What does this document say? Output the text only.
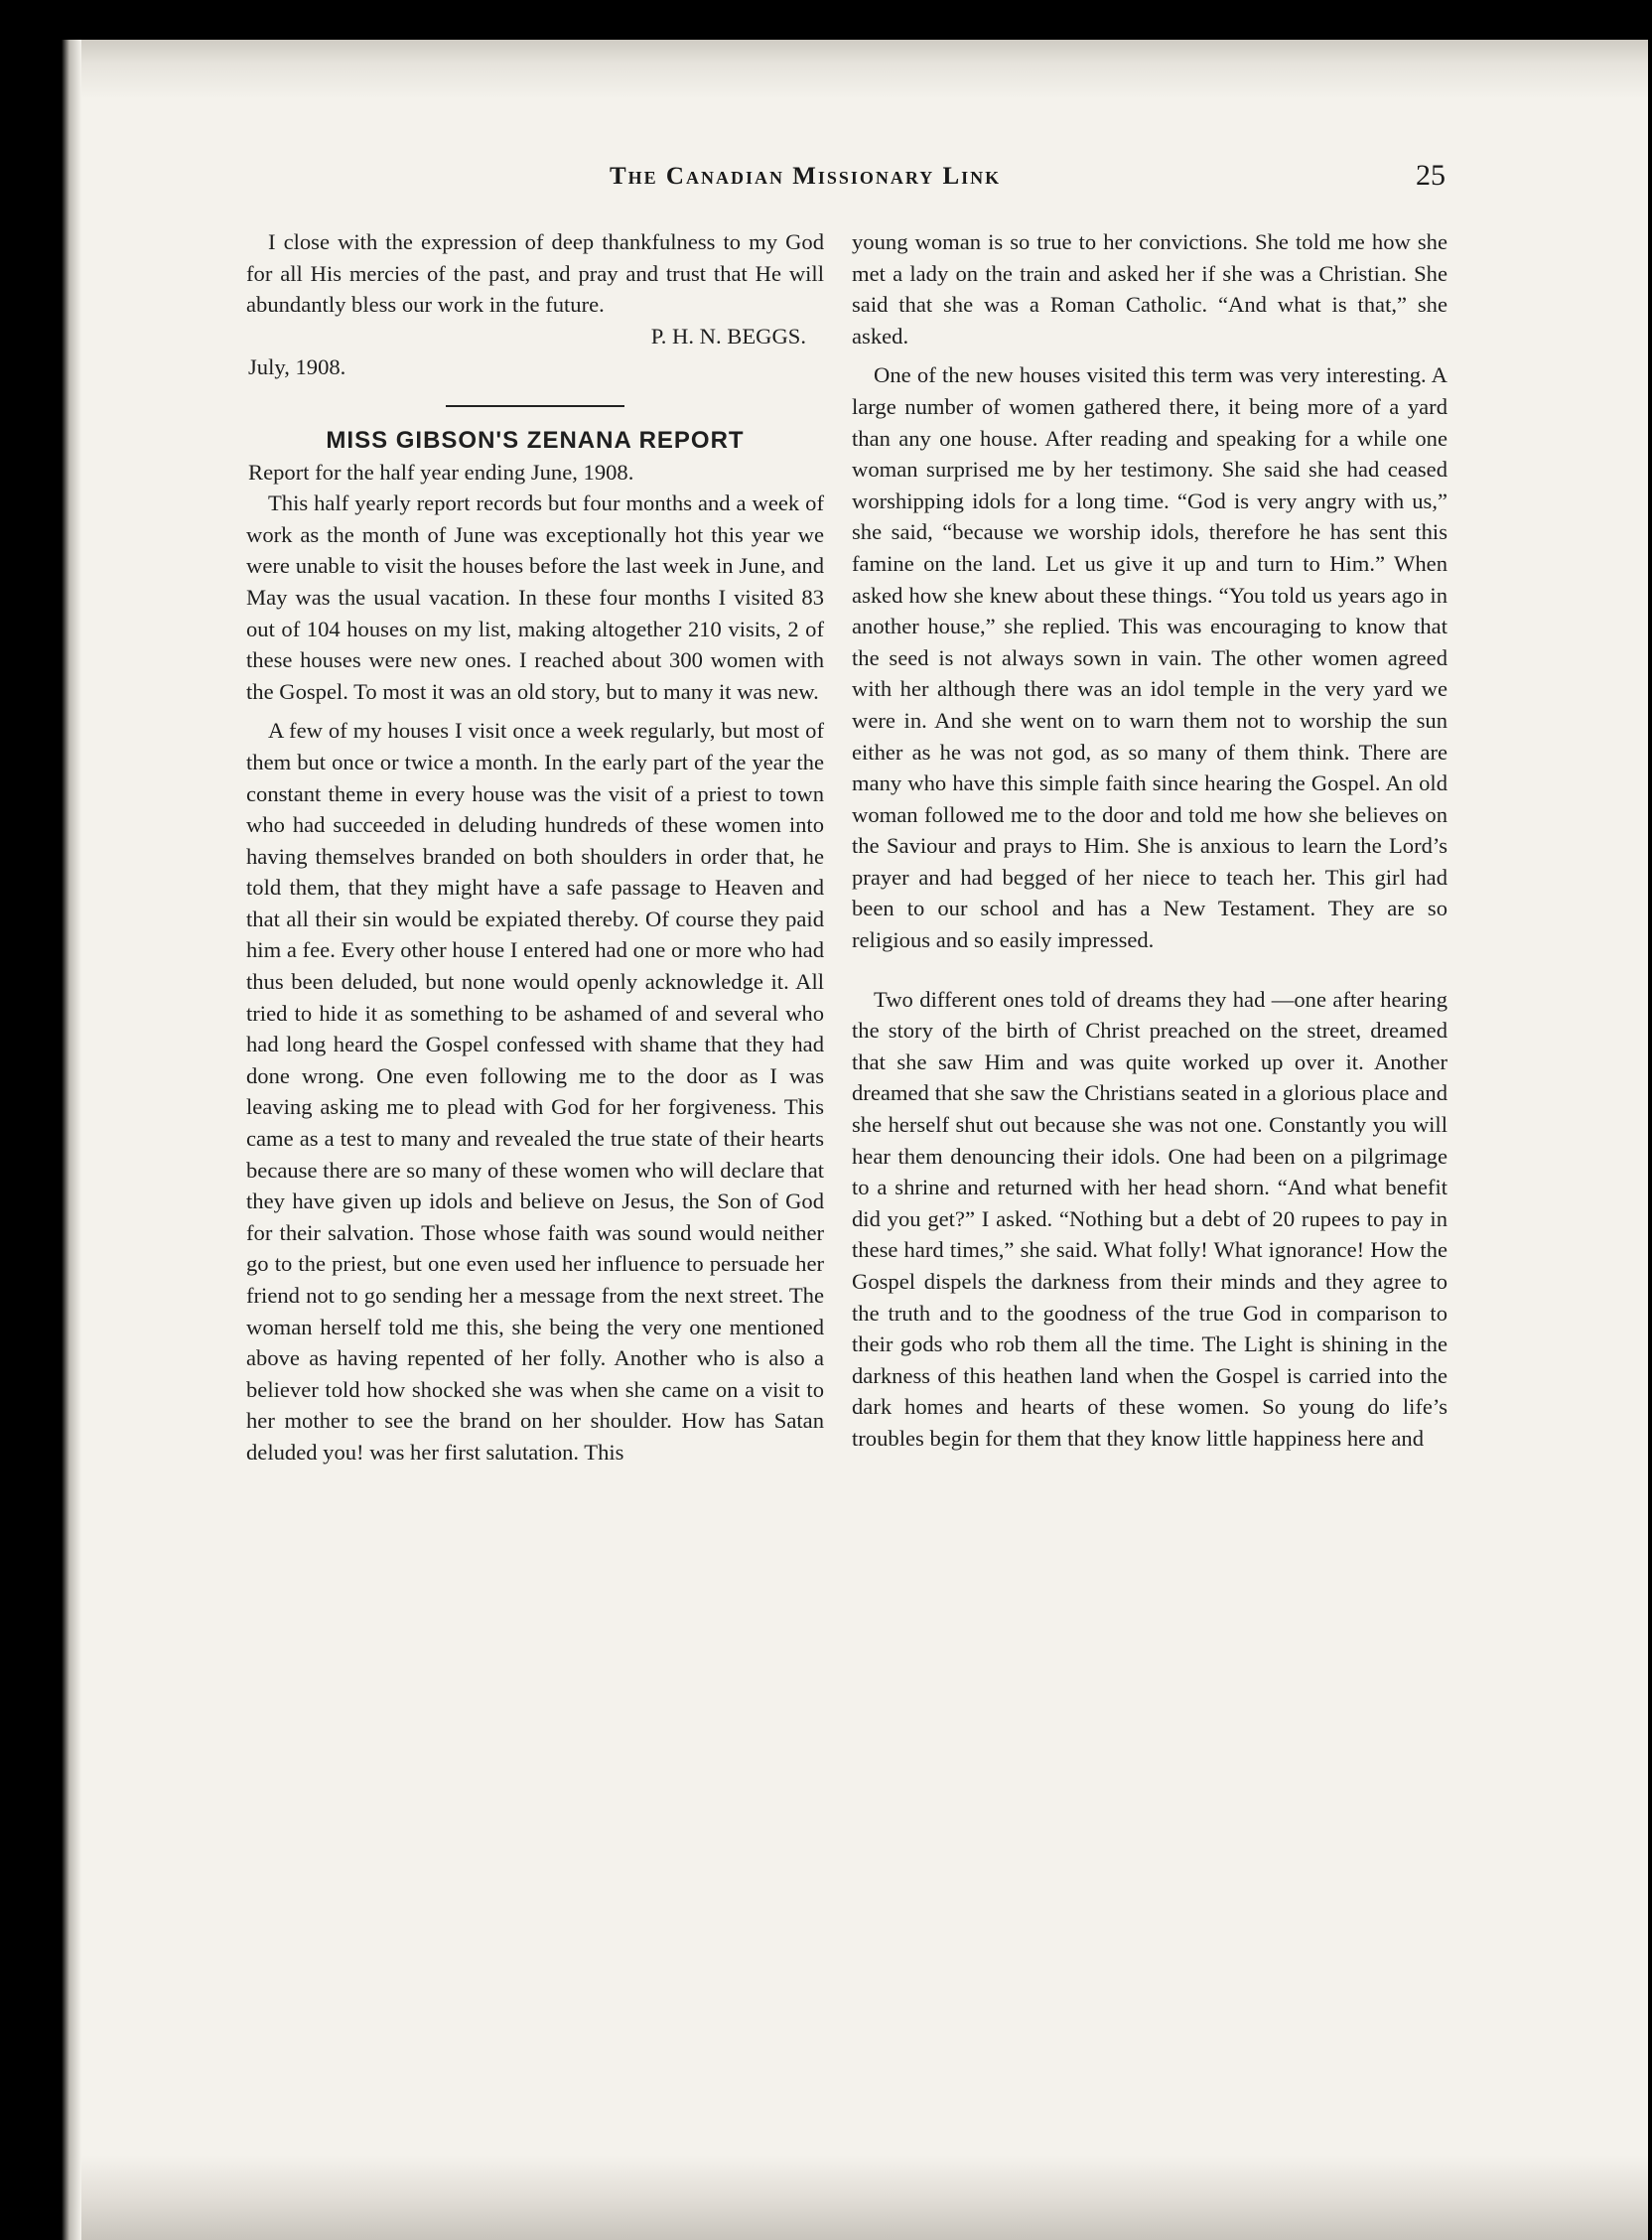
The Canadian Missionary Link	25

I close with the expression of deep thankfulness to my God for all His mercies of the past, and pray and trust that He will abundantly bless our work in the future.

P. H. N. BEGGS.

July, 1908.

MISS GIBSON'S ZENANA REPORT

Report for the half year ending June, 1908.

This half yearly report records but four months and a week of work as the month of June was exceptionally hot this year we were unable to visit the houses before the last week in June, and May was the usual vacation. In these four months I visited 83 out of 104 houses on my list, making altogether 210 visits, 2 of these houses were new ones. I reached about 300 women with the Gospel. To most it was an old story, but to many it was new.

A few of my houses I visit once a week regularly, but most of them but once or twice a month. In the early part of the year the constant theme in every house was the visit of a priest to town who had succeeded in deluding hundreds of these women into having themselves branded on both shoulders in order that, he told them, that they might have a safe passage to Heaven and that all their sin would be expiated thereby. Of course they paid him a fee. Every other house I entered had one or more who had thus been deluded, but none would openly acknowledge it. All tried to hide it as something to be ashamed of and several who had long heard the Gospel confessed with shame that they had done wrong. One even following me to the door as I was leaving asking me to plead with God for her forgiveness. This came as a test to many and revealed the true state of their hearts because there are so many of these women who will declare that they have given up idols and believe on Jesus, the Son of God for their salvation. Those whose faith was sound would neither go to the priest, but one even used her influence to persuade her friend not to go sending her a message from the next street. The woman herself told me this, she being the very one mentioned above as having repented of her folly. Another who is also a believer told how shocked she was when she came on a visit to her mother to see the brand on her shoulder. How has Satan deluded you! was her first salutation. This

young woman is so true to her convictions. She told me how she met a lady on the train and asked her if she was a Christian. She said that she was a Roman Catholic. “And what is that,” she asked.

One of the new houses visited this term was very interesting. A large number of women gathered there, it being more of a yard than any one house. After reading and speaking for a while one woman surprised me by her testimony. She said she had ceased worshipping idols for a long time. “God is very angry with us,” she said, “because we worship idols, therefore he has sent this famine on the land. Let us give it up and turn to Him.” When asked how she knew about these things. “You told us years ago in another house,” she replied. This was encouraging to know that the seed is not always sown in vain. The other women agreed with her although there was an idol temple in the very yard we were in. And she went on to warn them not to worship the sun either as he was not god, as so many of them think. There are many who have this simple faith since hearing the Gospel. An old woman followed me to the door and told me how she believes on the Saviour and prays to Him. She is anxious to learn the Lord’s prayer and had begged of her niece to teach her. This girl had been to our school and has a New Testament. They are so religious and so easily impressed.

Two different ones told of dreams they had —one after hearing the story of the birth of Christ preached on the street, dreamed that she saw Him and was quite worked up over it. Another dreamed that she saw the Christians seated in a glorious place and she herself shut out because she was not one. Constantly you will hear them denouncing their idols. One had been on a pilgrimage to a shrine and returned with her head shorn. “And what benefit did you get?” I asked. “Nothing but a debt of 20 rupees to pay in these hard times,” she said. What folly! What ignorance! How the Gospel dispels the darkness from their minds and they agree to the truth and to the goodness of the true God in comparison to their gods who rob them all the time. The Light is shining in the darkness of this heathen land when the Gospel is carried into the dark homes and hearts of these women. So young do life’s troubles begin for them that they know little happiness here and
